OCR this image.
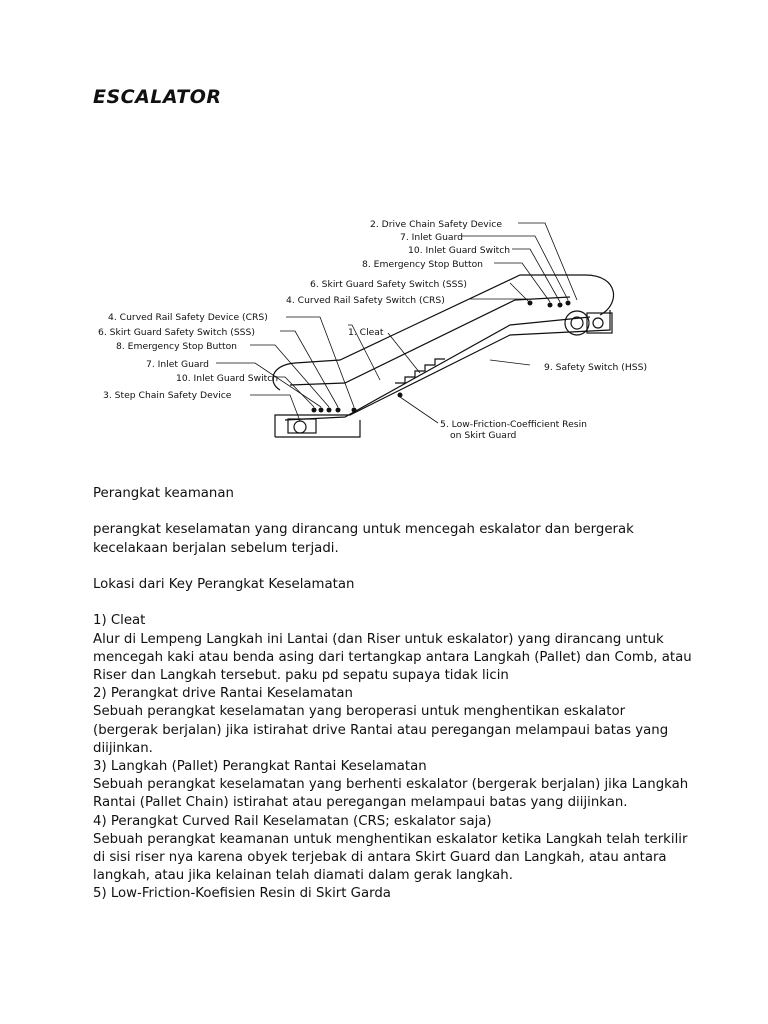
ESCALATOR
2. Drive Chain Safety Device
7. Inlet Guard
10. Inlet Guard Switch
8. Emergency Stop Button
6. Skirt Guard Safety Switch (SSS)
4. Curved Rail Safety Switch (CRS)
4. Curved Rail Safety Device (CRS)
6. Skirt Guard Safety Switch (SSS)
8. Emergency Stop Button
7. Inlet Guard
10. Inlet Guard Switch
3. Step Chain Safety Device
1. Cleat
9. Safety Switch (HSS)
5. Low-Friction-Coefficient Resin
on Skirt Guard

Perangkat keamanan

perangkat keselamatan yang dirancang untuk mencegah eskalator dan bergerak kecelakaan berjalan sebelum terjadi.

Lokasi dari Key Perangkat Keselamatan

1) Cleat

Alur di Lempeng Langkah ini Lantai (dan Riser untuk eskalator) yang dirancang untuk mencegah kaki atau benda asing dari tertangkap antara Langkah (Pallet) dan Comb, atau Riser dan Langkah tersebut. paku pd sepatu supaya tidak licin

2) Perangkat drive Rantai Keselamatan

Sebuah perangkat keselamatan yang beroperasi untuk menghentikan eskalator (bergerak berjalan) jika istirahat drive Rantai atau peregangan melampaui batas yang diijinkan.

3) Langkah (Pallet) Perangkat Rantai Keselamatan

Sebuah perangkat keselamatan yang berhenti eskalator (bergerak berjalan) jika Langkah Rantai (Pallet Chain) istirahat atau peregangan melampaui batas yang diijinkan.

4) Perangkat Curved Rail Keselamatan (CRS; eskalator saja)

Sebuah perangkat keamanan untuk menghentikan eskalator ketika Langkah telah terkilir di sisi riser nya karena obyek terjebak di antara Skirt Guard dan Langkah, atau antara langkah, atau jika kelainan telah diamati dalam gerak langkah.

5) Low-Friction-Koefisien Resin di Skirt Garda
